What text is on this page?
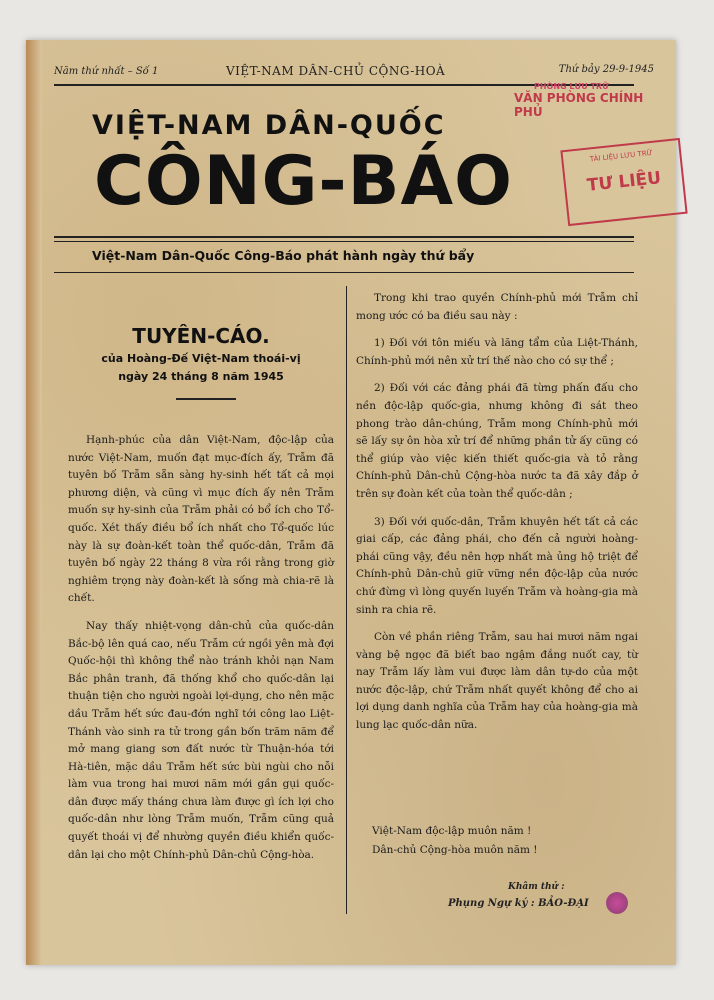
Năm thứ nhất – Số 1	VIỆT-NAM DÂN-CHỦ CỘNG-HOÀ	Thứ bảy 29-9-1945
PHÒNG LƯU TRỮ
VĂN PHÒNG CHÍNH PHỦ
VIỆT-NAM DÂN-QUỐC
CÔNG-BÁO	TÀI LIỆU LƯU TRỮ
TƯ LIỆU
Việt-Nam Dân-Quốc Công-Báo phát hành ngày thứ bẩy
TUYÊN-CÁO.
của Hoàng-Đế Việt-Nam thoái-vị
ngày 24 tháng 8 năm 1945

Hạnh-phúc của dân Việt-Nam, độc-lập của nước Việt-Nam, muốn đạt mục-đích ấy, Trẫm đã tuyên bố Trẫm sẵn sàng hy-sinh hết tất cả mọi phương diện, và cũng vì mục đích ấy nên Trẫm muốn sự hy-sinh của Trẫm phải có bổ ích cho Tổ-quốc. Xét thấy điều bổ ích nhất cho Tổ-quốc lúc này là sự đoàn-kết toàn thể quốc-dân, Trẫm đã tuyên bố ngày 22 tháng 8 vừa rồi rằng trong giờ nghiêm trọng này đoàn-kết là sống mà chia-rẽ là chết.

Nay thấy nhiệt-vọng dân-chủ của quốc-dân Bắc-bộ lên quá cao, nếu Trẫm cứ ngồi yên mà đợi Quốc-hội thì không thể nào tránh khỏi nạn Nam Bắc phân tranh, đã thống khổ cho quốc-dân lại thuận tiện cho người ngoài lợi-dụng, cho nên mặc dầu Trẫm hết sức đau-đớn nghĩ tới công lao Liệt-Thánh vào sinh ra tử trong gần bốn trăm năm để mở mang giang sơn đất nước từ Thuận-hóa tới Hà-tiên, mặc dầu Trẫm hết sức bùi ngùi cho nỗi làm vua trong hai mươi năm mới gần gụi quốc-dân được mấy tháng chưa làm được gì ích lợi cho quốc-dân như lòng Trẫm muốn, Trẫm cũng quả quyết thoái vị để nhường quyền điều khiển quốc-dân lại cho một Chính-phủ Dân-chủ Cộng-hòa.

Trong khi trao quyền Chính-phủ mới Trẫm chỉ mong ước có ba điều sau này :

1) Đối với tôn miếu và lăng tẩm của Liệt-Thánh, Chính-phủ mới nên xử trí thế nào cho có sự thể ;

2) Đối với các đảng phái đã từng phấn đấu cho nền độc-lập quốc-gia, nhưng không đi sát theo phong trào dân-chúng, Trẫm mong Chính-phủ mới sẽ lấy sự ôn hòa xử trí để những phần tử ấy cũng có thể giúp vào việc kiến thiết quốc-gia và tỏ rằng Chính-phủ Dân-chủ Cộng-hòa nước ta đã xây đắp ở trên sự đoàn kết của toàn thể quốc-dân ;

3) Đối với quốc-dân, Trẫm khuyên hết tất cả các giai cấp, các đảng phái, cho đến cả người hoàng-phái cũng vậy, đều nên hợp nhất mà ủng hộ triệt để Chính-phủ Dân-chủ giữ vững nền độc-lập của nước chứ đừng vì lòng quyến luyến Trẫm và hoàng-gia mà sinh ra chia rẽ.

Còn về phần riêng Trẫm, sau hai mươi năm ngai vàng bệ ngọc đã biết bao ngậm đắng nuốt cay, từ nay Trẫm lấy làm vui được làm dân tự-do của một nước độc-lập, chứ Trẫm nhất quyết không để cho ai lợi dụng danh nghĩa của Trẫm hay của hoàng-gia mà lung lạc quốc-dân nữa.

Việt-Nam độc-lập muôn năm !
Dân-chủ Cộng-hòa muôn năm !
Khâm thử :
Phụng Ngự ký : BẢO-ĐẠI
